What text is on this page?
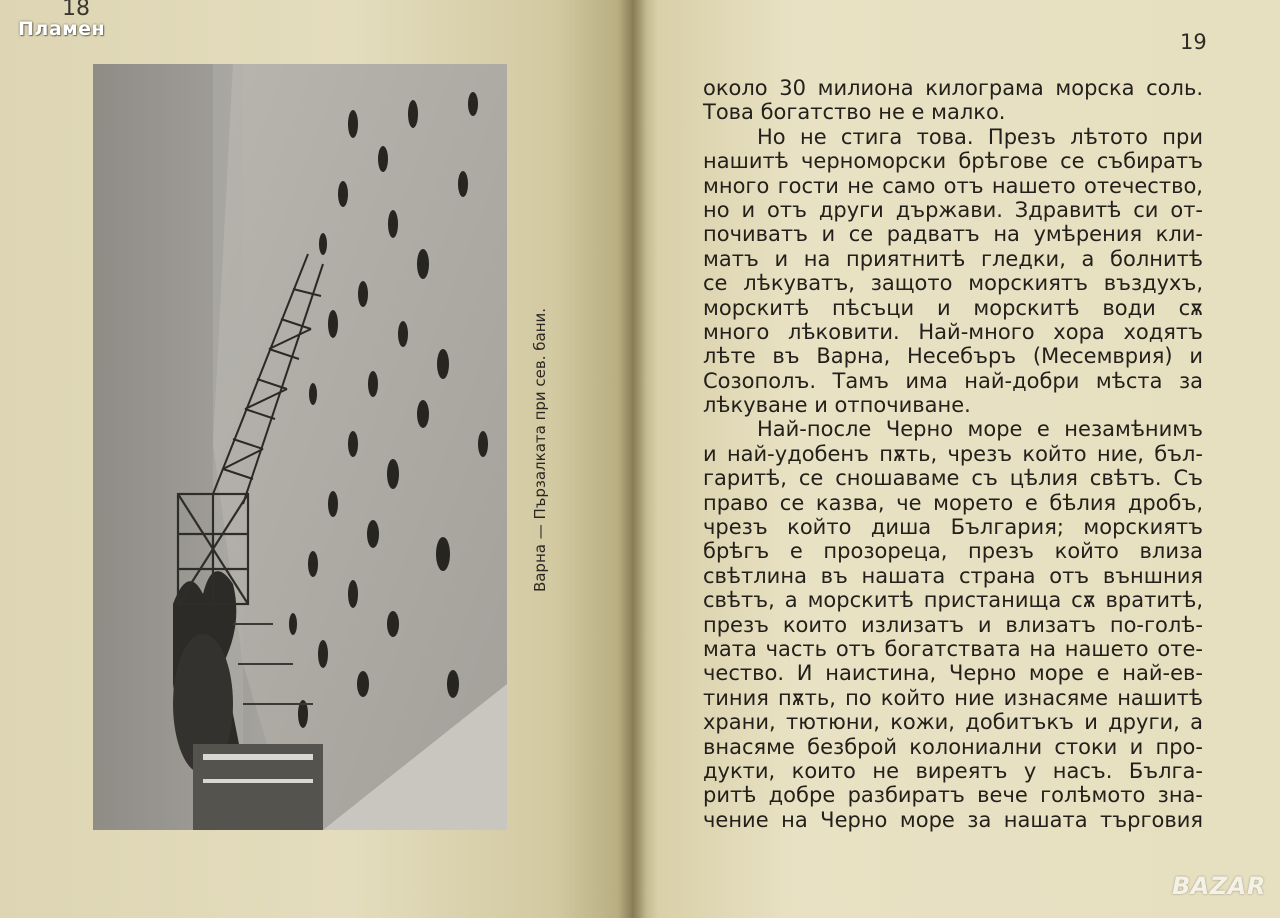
18
Пламен
Варна — Пързалката при сев. бани.
19
около 30 милиона килограма морска соль.
Това богатство не е малко.
Но не стига това. Презъ лѣтото при
нашитѣ черноморски брѣгове се събиратъ
много гости не само отъ нашето отечество,
но и отъ други държави. Здравитѣ си от-
почиватъ и се радватъ на умѣрения кли-
матъ и на приятнитѣ гледки, а болнитѣ
се лѣкуватъ, защото морскиятъ въздухъ,
морскитѣ пѣсъци и морскитѣ води сѫ
много лѣковити. Най-много хора ходятъ
лѣте въ Варна, Несебъръ (Месемврия) и
Созополъ. Тамъ има най-добри мѣста за
лѣкуване и отпочиване.
Най-после Черно море е незамѣнимъ
и най-удобенъ пѫть, чрезъ който ние, бъл-
гаритѣ, се сношаваме съ цѣлия свѣтъ. Съ
право се казва, че морето е бѣлия дробъ,
чрезъ който диша България; морскиятъ
брѣгъ е прозореца, презъ който влиза
свѣтлина въ нашата страна отъ външния
свѣтъ, а морскитѣ пристанища сѫ вратитѣ,
презъ които излизатъ и влизатъ по-голѣ-
мата часть отъ богатствата на нашето оте-
чество. И наистина, Черно море е най-ев-
тиния пѫть, по който ние изнасяме нашитѣ
храни, тютюни, кожи, добитъкъ и други, а
внасяме безброй колониални стоки и про-
дукти, които не виреятъ у насъ. Бълга-
ритѣ добре разбиратъ вече голѣмото зна-
чение на Черно море за нашата търговия
BAZAR
